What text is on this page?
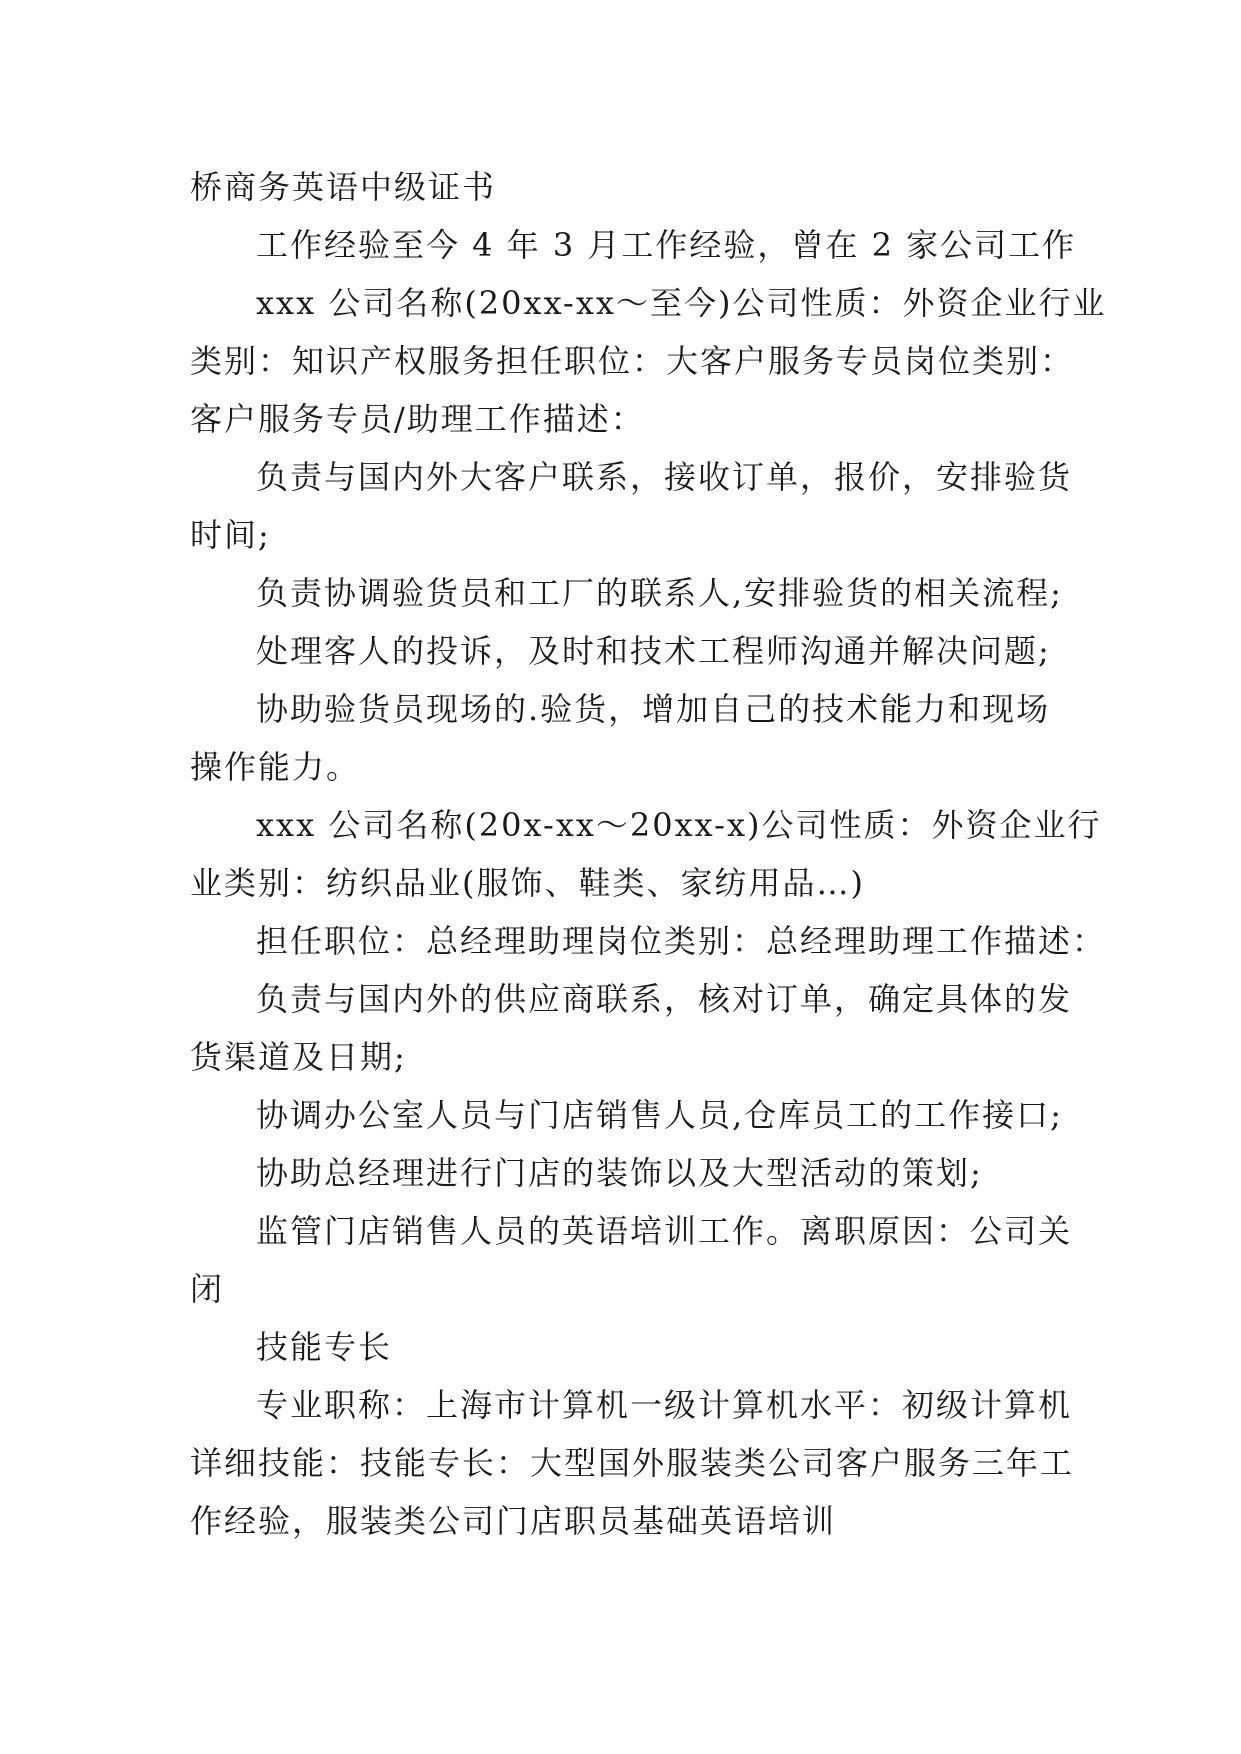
桥商务英语中级证书
工作经验至今 4 年 3 月工作经验，曾在 2 家公司工作
xxx 公司名称(20xx-xx～至今)公司性质：外资企业行业
类别：知识产权服务担任职位：大客户服务专员岗位类别：
客户服务专员/助理工作描述：
负责与国内外大客户联系，接收订单，报价，安排验货
时间;
负责协调验货员和工厂的联系人,安排验货的相关流程;
处理客人的投诉，及时和技术工程师沟通并解决问题;
协助验货员现场的.验货，增加自己的技术能力和现场
操作能力。
xxx 公司名称(20x-xx～20xx-x)公司性质：外资企业行
业类别：纺织品业(服饰、鞋类、家纺用品…)
担任职位：总经理助理岗位类别：总经理助理工作描述：
负责与国内外的供应商联系，核对订单，确定具体的发
货渠道及日期;
协调办公室人员与门店销售人员,仓库员工的工作接口;
协助总经理进行门店的装饰以及大型活动的策划;
监管门店销售人员的英语培训工作。离职原因：公司关
闭
技能专长
专业职称：上海市计算机一级计算机水平：初级计算机
详细技能：技能专长：大型国外服装类公司客户服务三年工
作经验，服装类公司门店职员基础英语培训
